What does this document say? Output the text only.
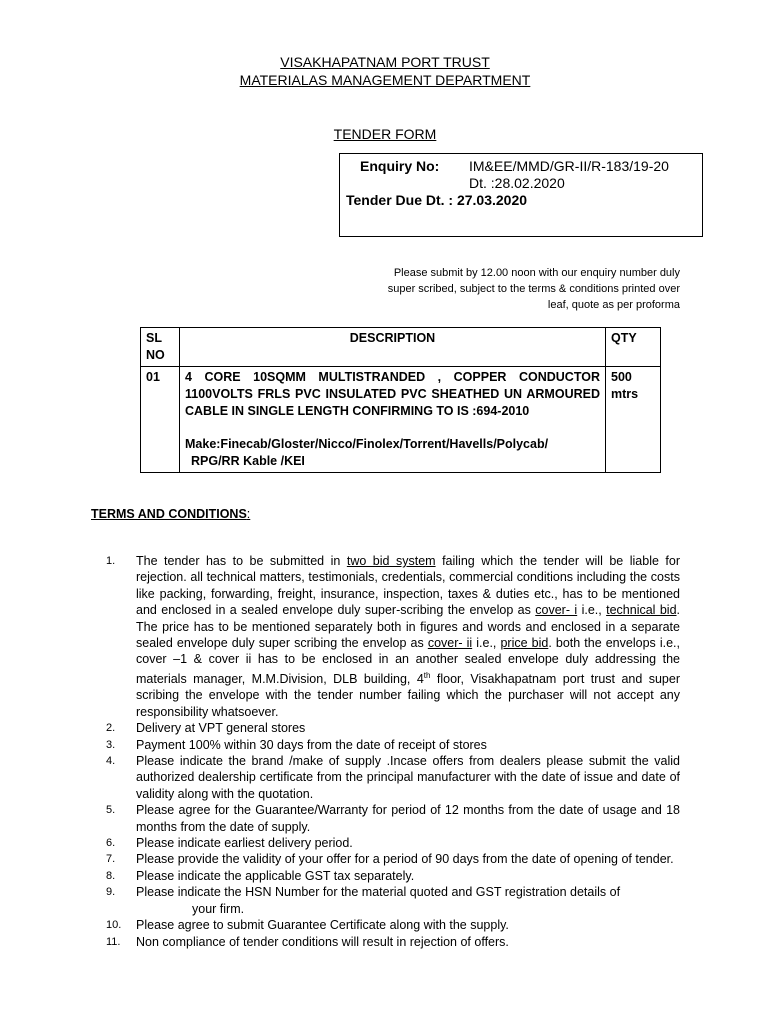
VISAKHAPATNAM PORT TRUST
MATERIALAS MANAGEMENT DEPARTMENT
TENDER FORM
Enquiry No: IM&EE/MMD/GR-II/R-183/19-20
Dt. :28.02.2020
Tender Due Dt. : 27.03.2020
Please submit by 12.00 noon with our enquiry number duly super scribed, subject to the terms & conditions printed over leaf, quote as per proforma
SL NO	DESCRIPTION	QTY
01	4 CORE 10SQMM MULTISTRANDED , COPPER CONDUCTOR 1100VOLTS FRLS PVC INSULATED PVC SHEATHED UN ARMOURED CABLE IN SINGLE LENGTH CONFIRMING TO IS :694-2010
Make:Finecab/Gloster/Nicco/Finolex/Torrent/Havells/Polycab/
RPG/RR Kable /KEI	500 mtrs
TERMS AND CONDITIONS:
1. The tender has to be submitted in two bid system failing which the tender will be liable for rejection. all technical matters, testimonials, credentials, commercial conditions including the costs like packing, forwarding, freight, insurance, inspection, taxes & duties etc., has to be mentioned and enclosed in a sealed envelope duly super-scribing the envelop as cover- i i.e., technical bid. The price has to be mentioned separately both in figures and words and enclosed in a separate sealed envelope duly super scribing the envelop as cover- ii i.e., price bid. both the envelops i.e., cover –1 & cover ii has to be enclosed in an another sealed envelope duly addressing the materials manager, M.M.Division, DLB building, 4th floor, Visakhapatnam port trust and super scribing the envelope with the tender number failing which the purchaser will not accept any responsibility whatsoever.
2. Delivery at VPT general stores
3. Payment 100% within 30 days from the date of receipt of stores
4. Please indicate the brand /make of supply .Incase offers from dealers please submit the valid authorized dealership certificate from the principal manufacturer with the date of issue and date of validity along with the quotation.
5. Please agree for the Guarantee/Warranty for period of 12 months from the date of usage and 18 months from the date of supply.
6. Please indicate earliest delivery period.
7. Please provide the validity of your offer for a period of 90 days from the date of opening of tender.
8. Please indicate the applicable GST tax separately.
9. Please indicate the HSN Number for the material quoted and GST registration details of
your firm.
10. Please agree to submit Guarantee Certificate along with the supply.
11. Non compliance of tender conditions will result in rejection of offers.
